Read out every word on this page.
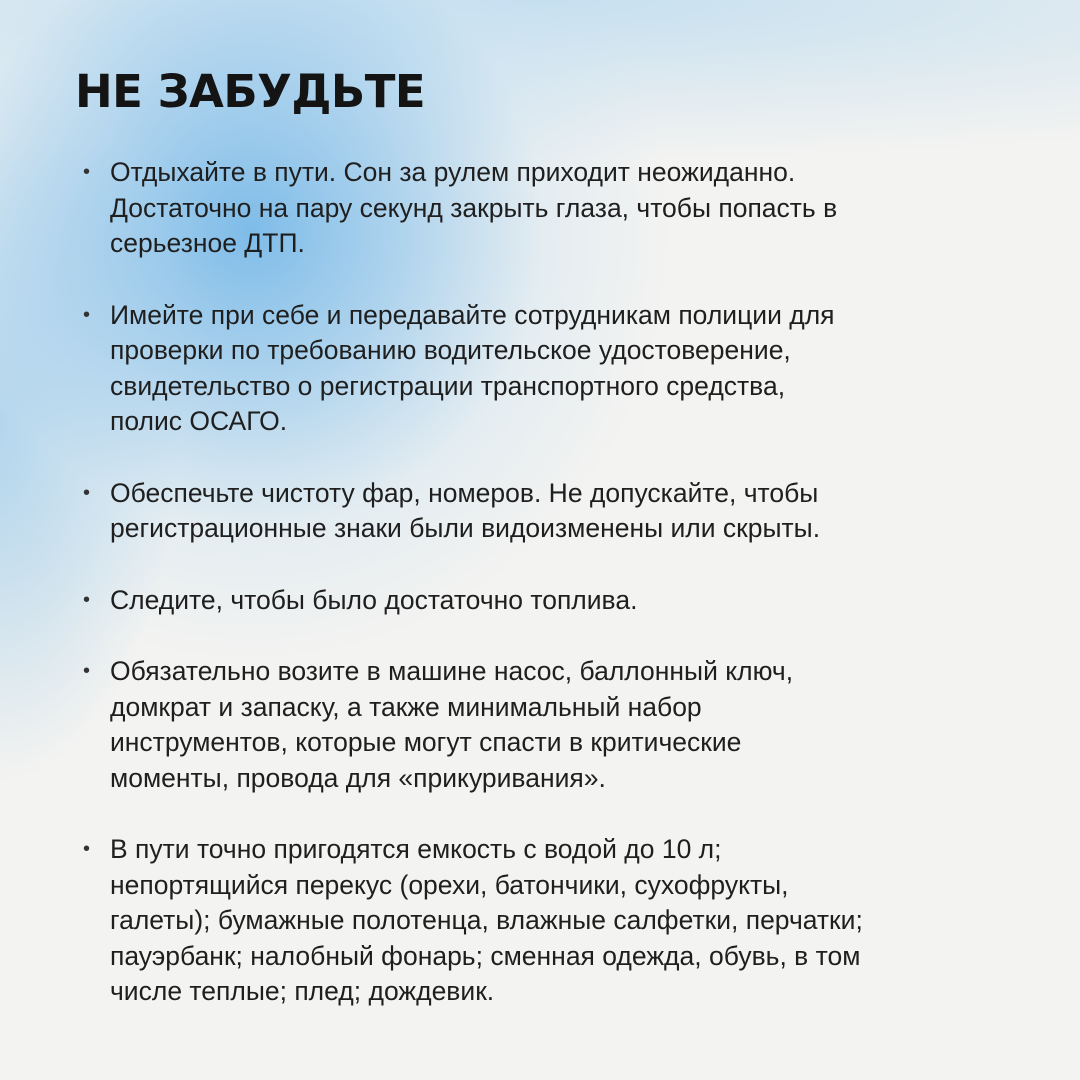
НЕ ЗАБУДЬТЕ
• Отдыхайте в пути. Сон за рулем приходит неожиданно.
Достаточно на пару секунд закрыть глаза, чтобы попасть в
серьезное ДТП.
• Имейте при себе и передавайте сотрудникам полиции для
проверки по требованию водительское удостоверение,
свидетельство о регистрации транспортного средства,
полис ОСАГО.
• Обеспечьте чистоту фар, номеров. Не допускайте, чтобы
регистрационные знаки были видоизменены или скрыты.
• Следите, чтобы было достаточно топлива.
• Обязательно возите в машине насос, баллонный ключ,
домкрат и запаску, а также минимальный набор
инструментов, которые могут спасти в критические
моменты, провода для «прикуривания».
• В пути точно пригодятся емкость с водой до 10 л;
непортящийся перекус (орехи, батончики, сухофрукты,
галеты); бумажные полотенца, влажные салфетки, перчатки;
пауэрбанк; налобный фонарь; сменная одежда, обувь, в том
числе теплые; плед; дождевик.
